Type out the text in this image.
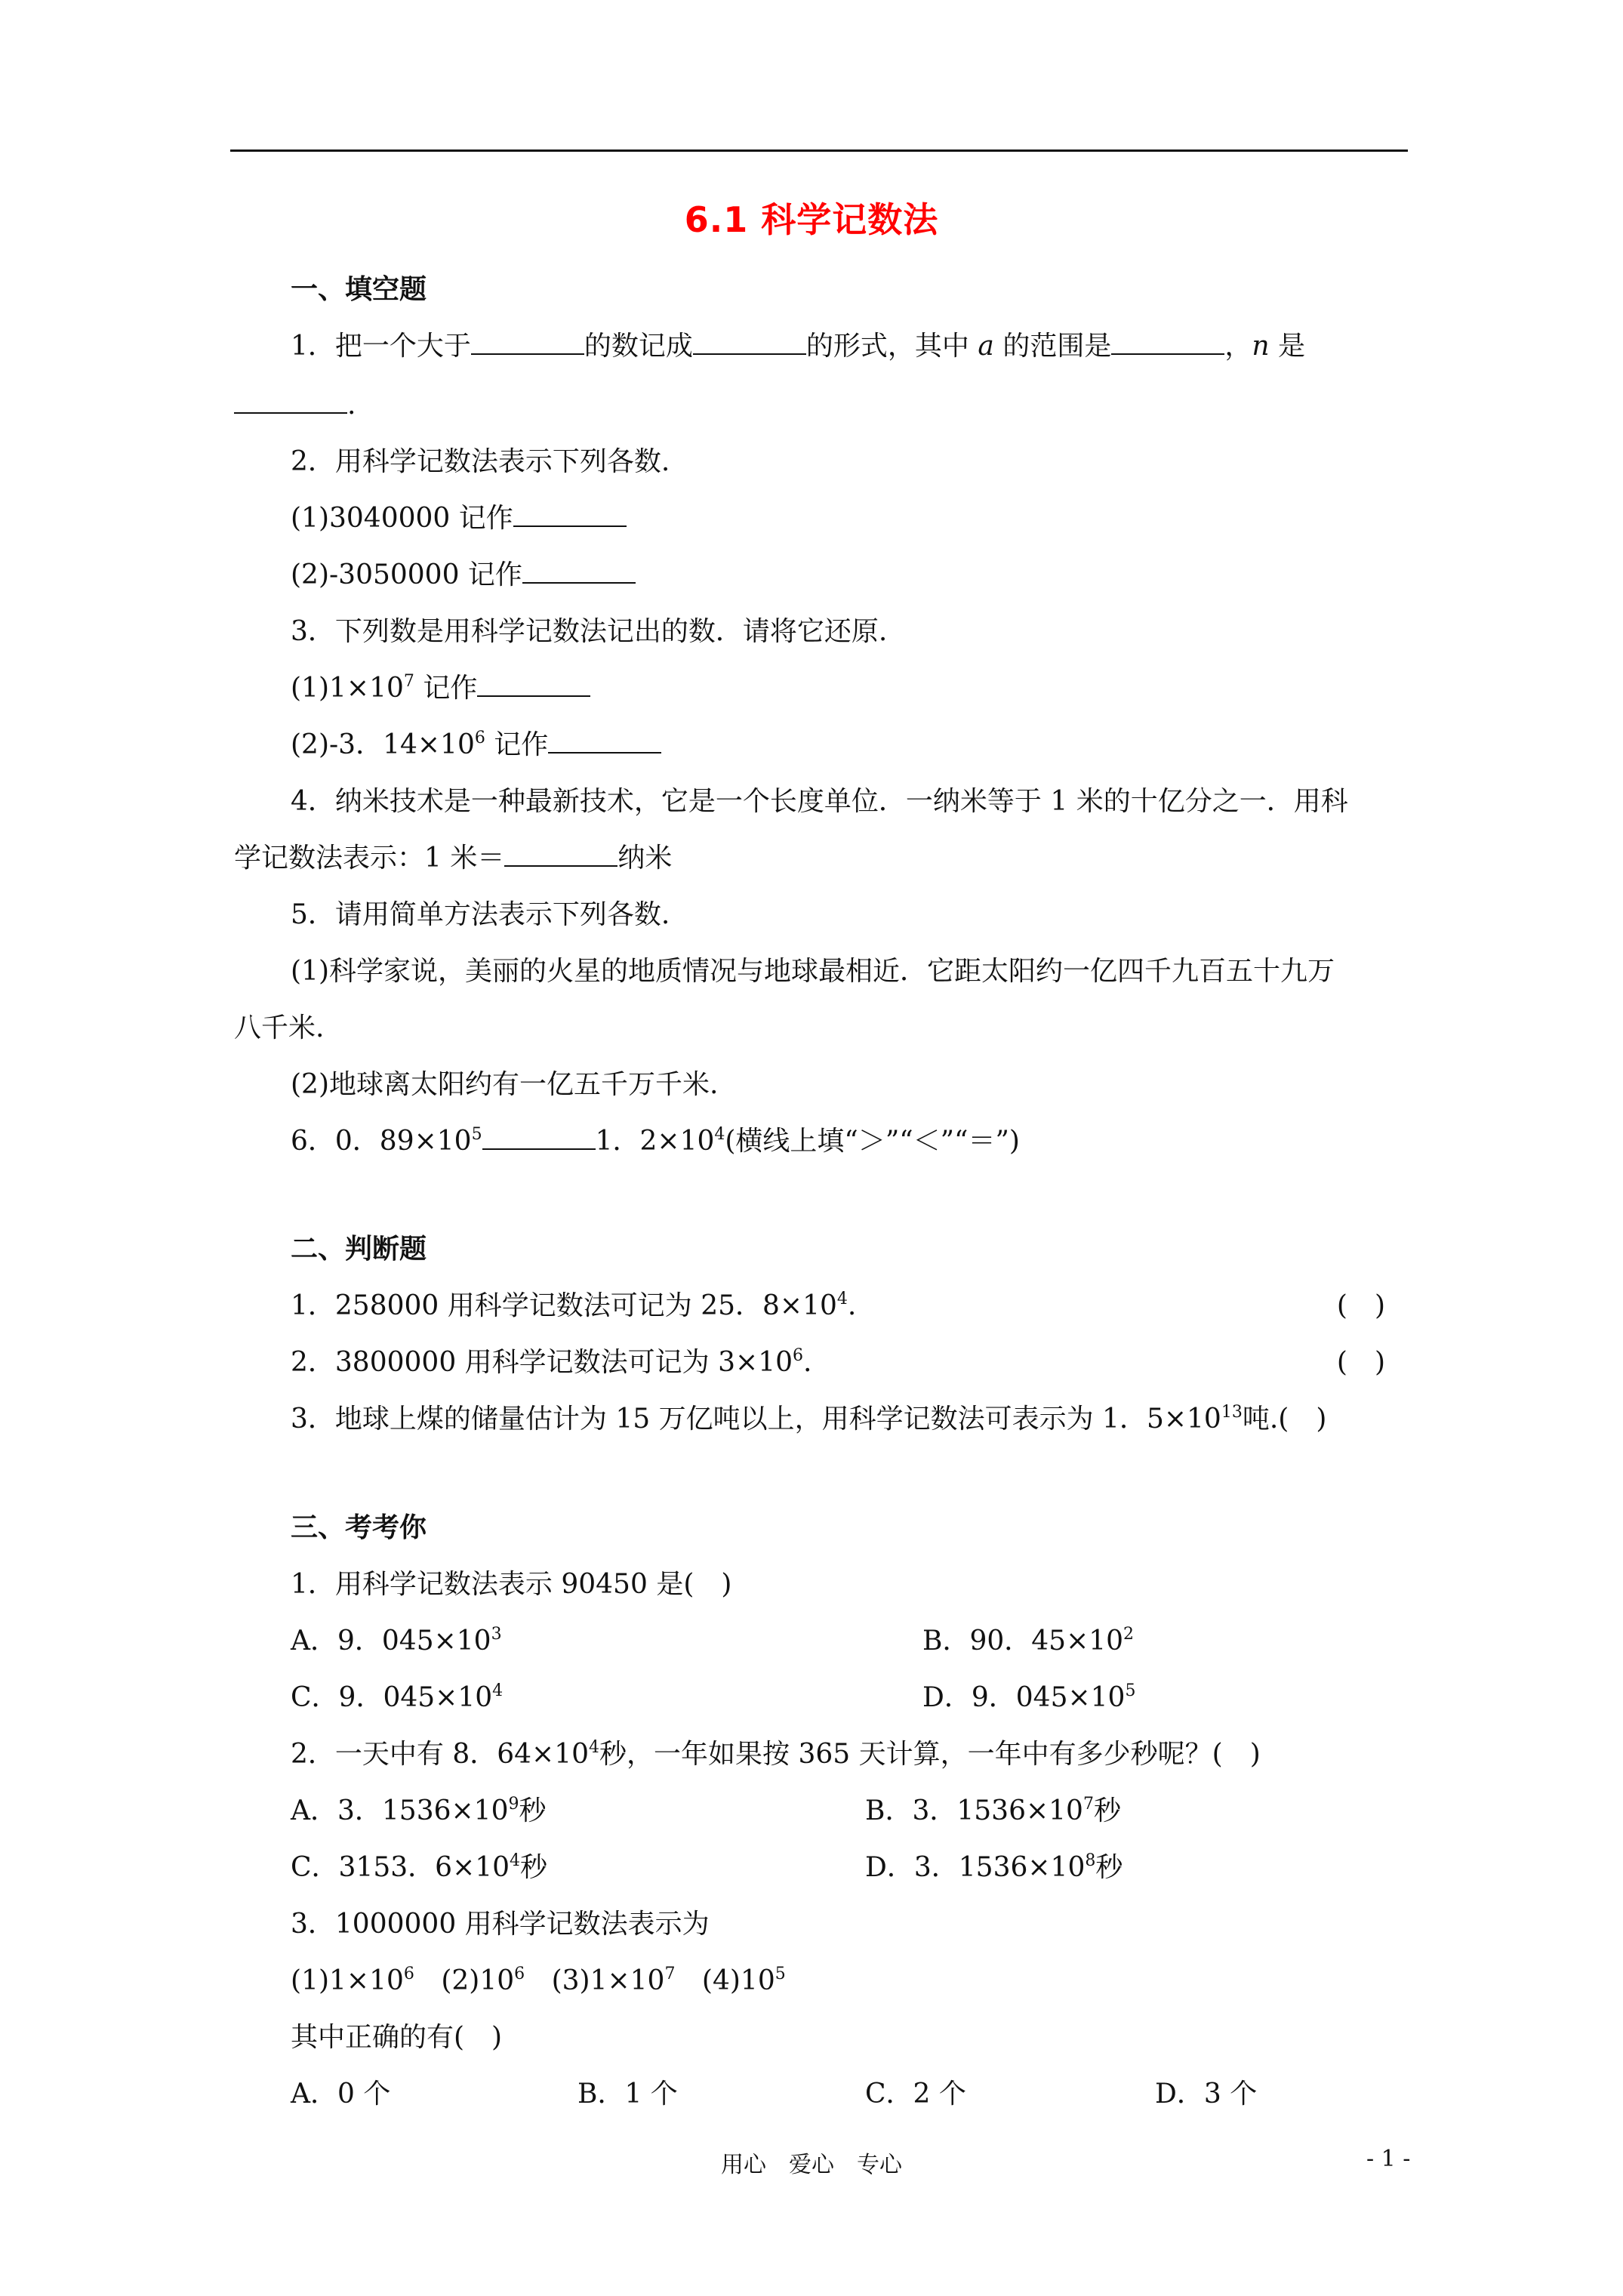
6.1 科学记数法
一、填空题
1．把一个大于	的数记成	的形式，其中 a 的范围是	，n 是
.
2．用科学记数法表示下列各数.
(1)3040000 记作
(2)-3050000 记作
3．下列数是用科学记数法记出的数．请将它还原.
$(1)1\times 10^7$ 记作
(2)-3．$14\times 10^6$ 记作
4．纳米技术是一种最新技术，它是一个长度单位．一纳米等于 1 米的十亿分之一．用科
学记数法表示：1 米＝	纳米
5．请用简单方法表示下列各数.
(1)科学家说，美丽的火星的地质情况与地球最相近．它距太阳约一亿四千九百五十九万
八千米.
(2)地球离太阳约有一亿五千万千米.
6．0．$89\times 10^5$	1．$2\times 10^4$(横线上填“＞”“＜”“＝”)
二、判断题
1．258000 用科学记数法可记为 25．$8\times 10^4$.	(　)
2．3800000 用科学记数法可记为 $3\times 10^6$.	(　)
3．地球上煤的储量估计为 15 万亿吨以上，用科学记数法可表示为 1．$5\times 10^{13}$吨.(　)
三、考考你
1．用科学记数法表示 90450 是(　)
A．9．$045\times 10^3$	B．90．$45\times 10^2$
C．9．$045\times 10^4$	D．9．$045\times 10^5$
2．一天中有 8．$64\times 10^4$秒，一年如果按 365 天计算，一年中有多少秒呢？(　)
A．3．$1536\times 10^9$秒	B．3．$1536\times 10^7$秒
C．3153．$6\times 10^4$秒	D．3．$1536\times 10^8$秒
3．1000000 用科学记数法表示为
$(1)1\times 10^6$ $(2)10^6$ $(3)1\times 10^7$ $(4)10^5$
其中正确的有(　)
A．0 个	B．1 个	C．2 个	D．3 个
用心　爱心　专心	- 1 -
